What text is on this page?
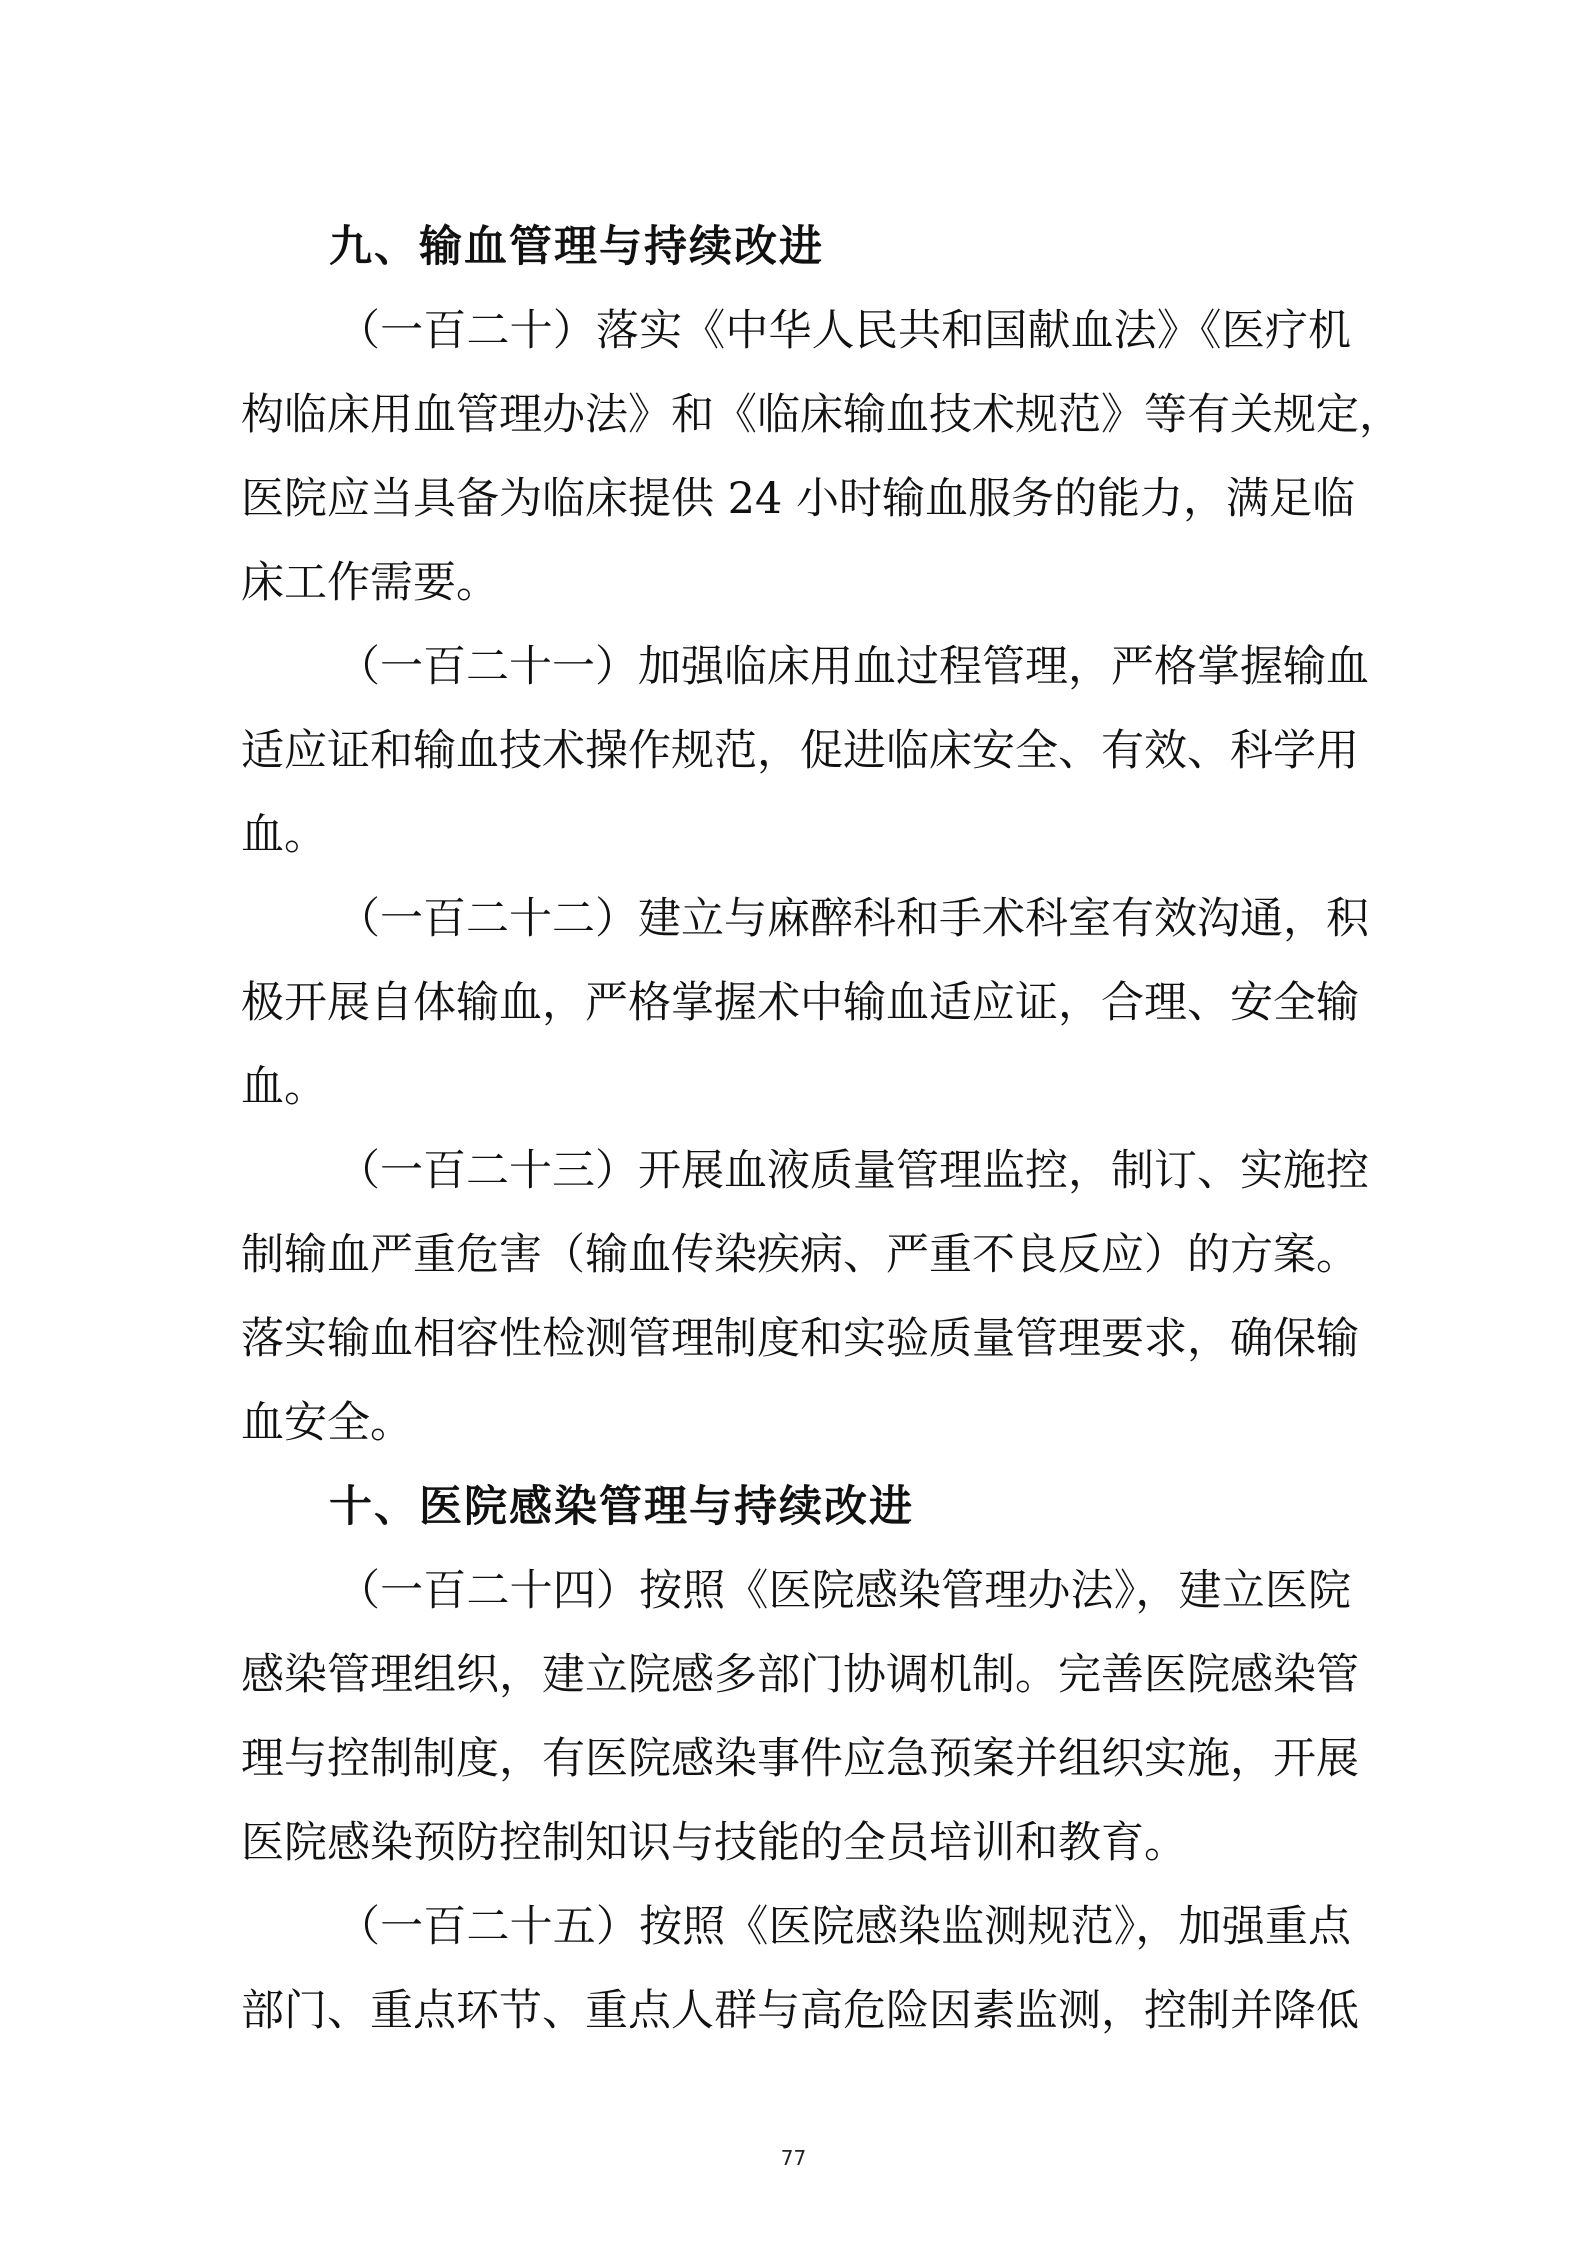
九、输血管理与持续改进
（一百二十）落实《中华人民共和国献血法》《医疗机
构临床用血管理办法》和《临床输血技术规范》等有关规定，
医院应当具备为临床提供 24 小时输血服务的能力，满足临
床工作需要。
（一百二十一）加强临床用血过程管理，严格掌握输血
适应证和输血技术操作规范，促进临床安全、有效、科学用
血。
（一百二十二）建立与麻醉科和手术科室有效沟通，积
极开展自体输血，严格掌握术中输血适应证，合理、安全输
血。
（一百二十三）开展血液质量管理监控，制订、实施控
制输血严重危害（输血传染疾病、严重不良反应）的方案。
落实输血相容性检测管理制度和实验质量管理要求，确保输
血安全。
十、医院感染管理与持续改进
（一百二十四）按照《医院感染管理办法》，建立医院
感染管理组织，建立院感多部门协调机制。完善医院感染管
理与控制制度，有医院感染事件应急预案并组织实施，开展
医院感染预防控制知识与技能的全员培训和教育。
（一百二十五）按照《医院感染监测规范》，加强重点
部门、重点环节、重点人群与高危险因素监测，控制并降低
77
